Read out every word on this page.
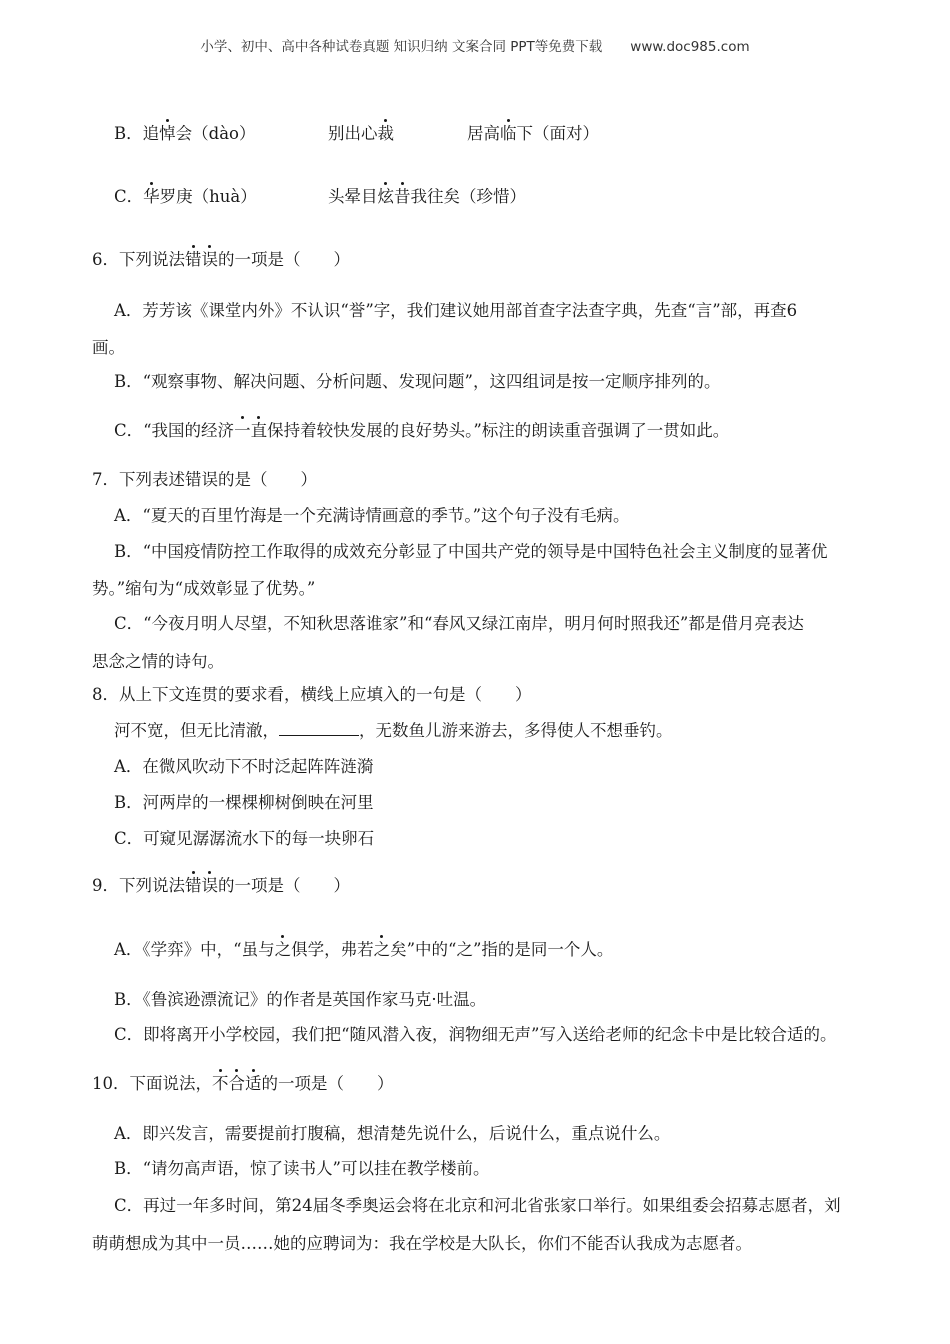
小学、初中、高中各种试卷真题 知识归纳 文案合同 PPT等免费下载 www.doc985.com
B．追悼会（dào）	别出心裁	居高临下（面对）
C．华罗庚（huà）	头晕目炫昔我往矣（珍惜）
6．下列说法错误的一项是（　　）
A．芳芳该《课堂内外》不认识“誉”字，我们建议她用部首查字法查字典，先查“言”部，再查6
画。
B．“观察事物、解决问题、分析问题、发现问题”，这四组词是按一定顺序排列的。
C．“我国的经济一直保持着较快发展的良好势头。”标注的朗读重音强调了一贯如此。
7．下列表述错误的是（　　）
A．“夏天的百里竹海是一个充满诗情画意的季节。”这个句子没有毛病。
B．“中国疫情防控工作取得的成效充分彰显了中国共产党的领导是中国特色社会主义制度的显著优
势。”缩句为“成效彰显了优势。”
C．“今夜月明人尽望，不知秋思落谁家”和“春风又绿江南岸，明月何时照我还”都是借月亮表达
思念之情的诗句。
8．从上下文连贯的要求看，横线上应填入的一句是（　　）
河不宽，但无比清澈，	，无数鱼儿游来游去，多得使人不想垂钓。
A．在微风吹动下不时泛起阵阵涟漪
B．河两岸的一棵棵柳树倒映在河里
C．可窥见潺潺流水下的每一块卵石
9．下列说法错误的一项是（　　）
A．《学弈》中，“虽与之俱学，弗若之矣”中的“之”指的是同一个人。
B．《鲁滨逊漂流记》的作者是英国作家马克·吐温。
C．即将离开小学校园，我们把“随风潜入夜，润物细无声”写入送给老师的纪念卡中是比较合适的。
10．下面说法，不合适的一项是（　　）
A．即兴发言，需要提前打腹稿，想清楚先说什么，后说什么，重点说什么。
B．“请勿高声语，惊了读书人”可以挂在教学楼前。
C．再过一年多时间，第24届冬季奥运会将在北京和河北省张家口举行。如果组委会招募志愿者，刘
萌萌想成为其中一员……她的应聘词为：我在学校是大队长，你们不能否认我成为志愿者。
